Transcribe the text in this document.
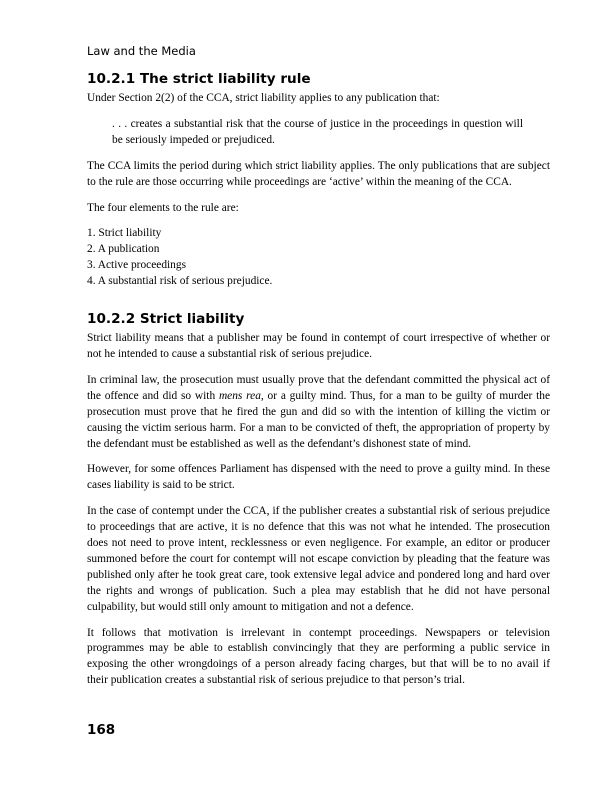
Law and the Media
10.2.1 The strict liability rule

Under Section 2(2) of the CCA, strict liability applies to any publication that:

. . . creates a substantial risk that the course of justice in the proceedings in question will be seriously impeded or prejudiced.

The CCA limits the period during which strict liability applies. The only publications that are subject to the rule are those occurring while proceedings are ‘active’ within the meaning of the CCA.

The four elements to the rule are:

1. Strict liability
2. A publication
3. Active proceedings
4. A substantial risk of serious prejudice.
10.2.2 Strict liability

Strict liability means that a publisher may be found in contempt of court irrespective of whether or not he intended to cause a substantial risk of serious prejudice.

In criminal law, the prosecution must usually prove that the defendant committed the physical act of the offence and did so with mens rea, or a guilty mind. Thus, for a man to be guilty of murder the prosecution must prove that he fired the gun and did so with the intention of killing the victim or causing the victim serious harm. For a man to be convicted of theft, the appropriation of property by the defendant must be established as well as the defendant’s dishonest state of mind.

However, for some offences Parliament has dispensed with the need to prove a guilty mind. In these cases liability is said to be strict.

In the case of contempt under the CCA, if the publisher creates a substantial risk of serious prejudice to proceedings that are active, it is no defence that this was not what he intended. The prosecution does not need to prove intent, recklessness or even negligence. For example, an editor or producer summoned before the court for contempt will not escape conviction by pleading that the feature was published only after he took great care, took extensive legal advice and pondered long and hard over the rights and wrongs of publication. Such a plea may establish that he did not have personal culpability, but would still only amount to mitigation and not a defence.

It follows that motivation is irrelevant in contempt proceedings. Newspapers or television programmes may be able to establish convincingly that they are performing a public service in exposing the other wrongdoings of a person already facing charges, but that will be to no avail if their publication creates a substantial risk of serious prejudice to that person’s trial.

168
